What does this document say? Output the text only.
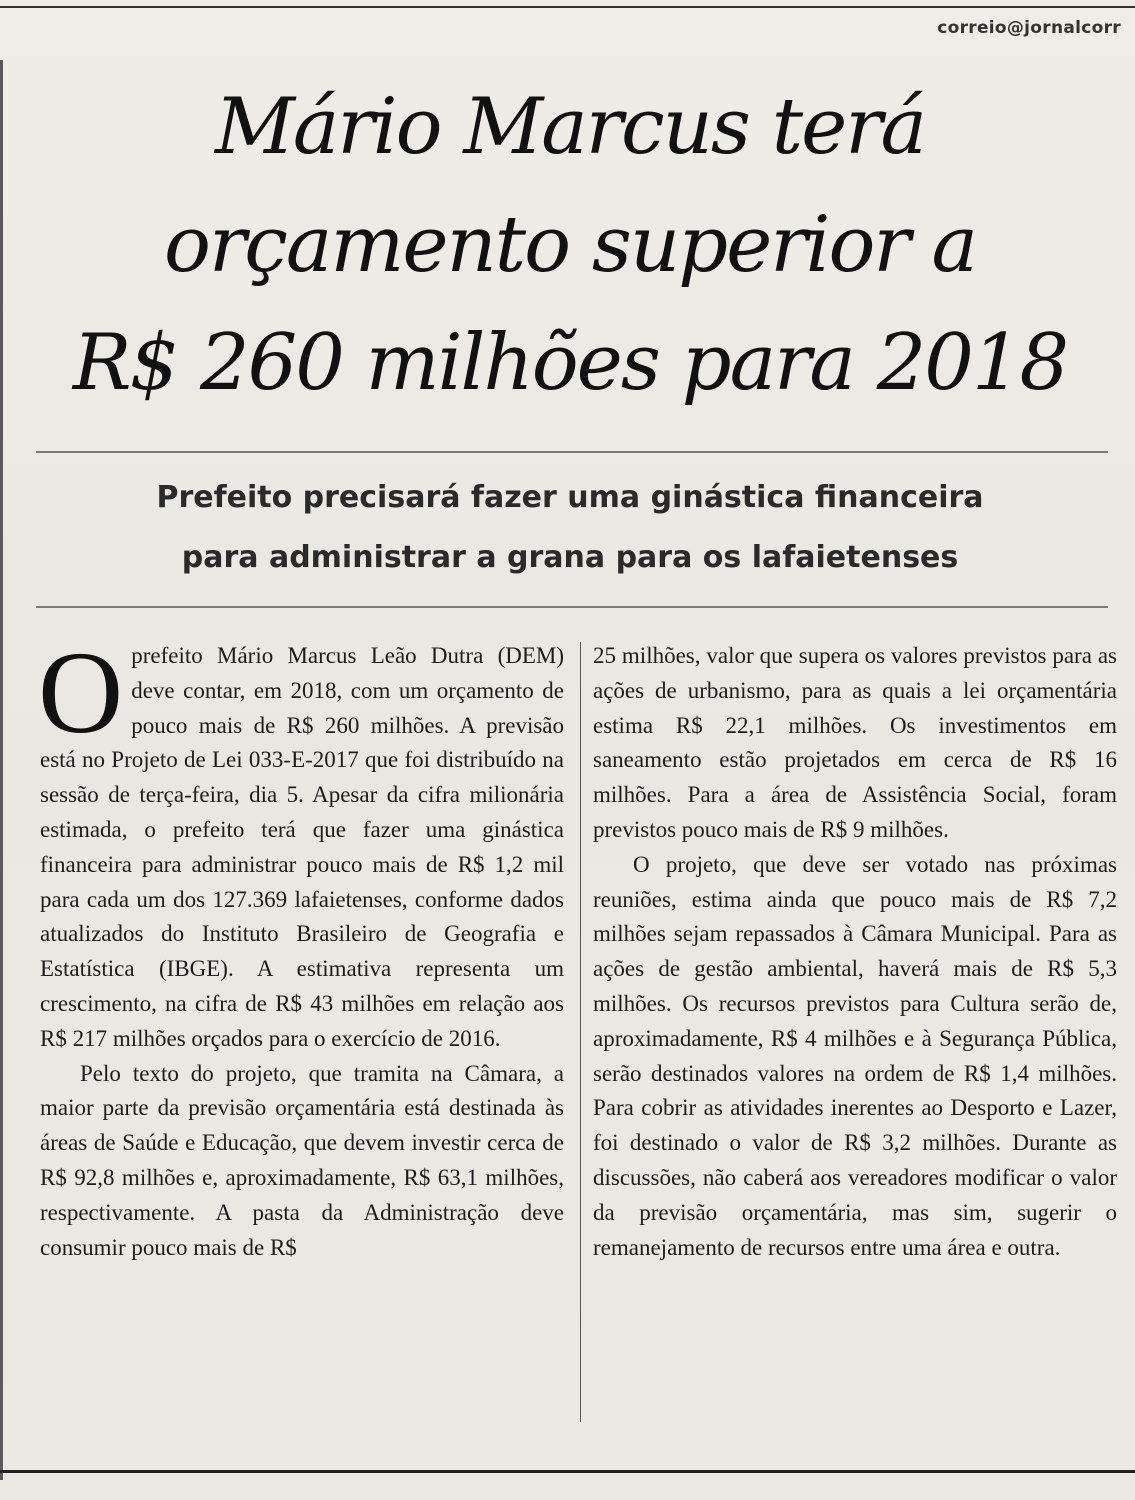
correio@jornalcorr
Mário Marcus terá
orçamento superior a
R$ 260 milhões para 2018
Prefeito precisará fazer uma ginástica financeira
para administrar a grana para os lafaietenses

Oprefeito Mário Marcus Leão Dutra (DEM) deve contar, em 2018, com um orçamento de pouco mais de R$ 260 milhões. A previsão está no Projeto de Lei 033-E-2017 que foi distribuído na sessão de terça-feira, dia 5. Apesar da cifra milionária estimada, o prefeito terá que fazer uma ginástica financeira para administrar pouco mais de R$ 1,2 mil para cada um dos 127.369 lafaietenses, conforme dados atualizados do Instituto Brasileiro de Geografia e Estatística (IBGE). A estimativa representa um crescimento, na cifra de R$ 43 milhões em relação aos R$ 217 milhões orçados para o exercício de 2016.

Pelo texto do projeto, que tramita na Câmara, a maior parte da previsão orçamentária está destinada às áreas de Saúde e Educação, que devem investir cerca de R$ 92,8 milhões e, aproximadamente, R$ 63,1 milhões, respectivamente. A pasta da Administração deve consumir pouco mais de R$

25 milhões, valor que supera os valores previstos para as ações de urbanismo, para as quais a lei orçamentária estima R$ 22,1 milhões. Os investimentos em saneamento estão projetados em cerca de R$ 16 milhões. Para a área de Assistência Social, foram previstos pouco mais de R$ 9 milhões.

O projeto, que deve ser votado nas próximas reuniões, estima ainda que pouco mais de R$ 7,2 milhões sejam repassados à Câmara Municipal. Para as ações de gestão ambiental, haverá mais de R$ 5,3 milhões. Os recursos previstos para Cultura serão de, aproximadamente, R$ 4 milhões e à Segurança Pública, serão destinados valores na ordem de R$ 1,4 milhões. Para cobrir as atividades inerentes ao Desporto e Lazer, foi destinado o valor de R$ 3,2 milhões. Durante as discussões, não caberá aos vereadores modificar o valor da previsão orçamentária, mas sim, sugerir o remanejamento de recursos entre uma área e outra.
